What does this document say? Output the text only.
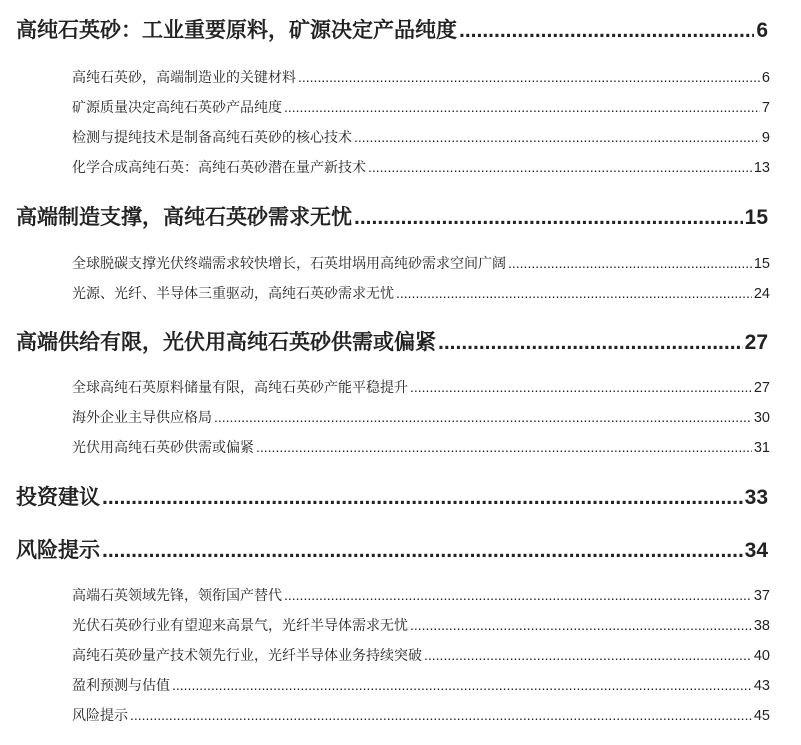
高纯石英砂：工业重要原料，矿源决定产品纯度 .....	6
高纯石英砂，高端制造业的关键材料 .....	6
矿源质量决定高纯石英砂产品纯度 .....	7
检测与提纯技术是制备高纯石英砂的核心技术 .....	9
化学合成高纯石英：高纯石英砂潜在量产新技术 .....	13
高端制造支撑，高纯石英砂需求无忧 .....	15
全球脱碳支撑光伏终端需求较快增长，石英坩埚用高纯砂需求空间广阔 .....	15
光源、光纤、半导体三重驱动，高纯石英砂需求无忧 .....	24
高端供给有限，光伏用高纯石英砂供需或偏紧 .....	27
全球高纯石英原料储量有限，高纯石英砂产能平稳提升 .....	27
海外企业主导供应格局 .....	30
光伏用高纯石英砂供需或偏紧 .....	31
投资建议 .....	33
风险提示 .....	34
高端石英领域先锋，领衔国产替代 .....	37
光伏石英砂行业有望迎来高景气，光纤半导体需求无忧 .....	38
高纯石英砂量产技术领先行业，光纤半导体业务持续突破 .....	40
盈利预测与估值 .....	43
风险提示 .....	45
